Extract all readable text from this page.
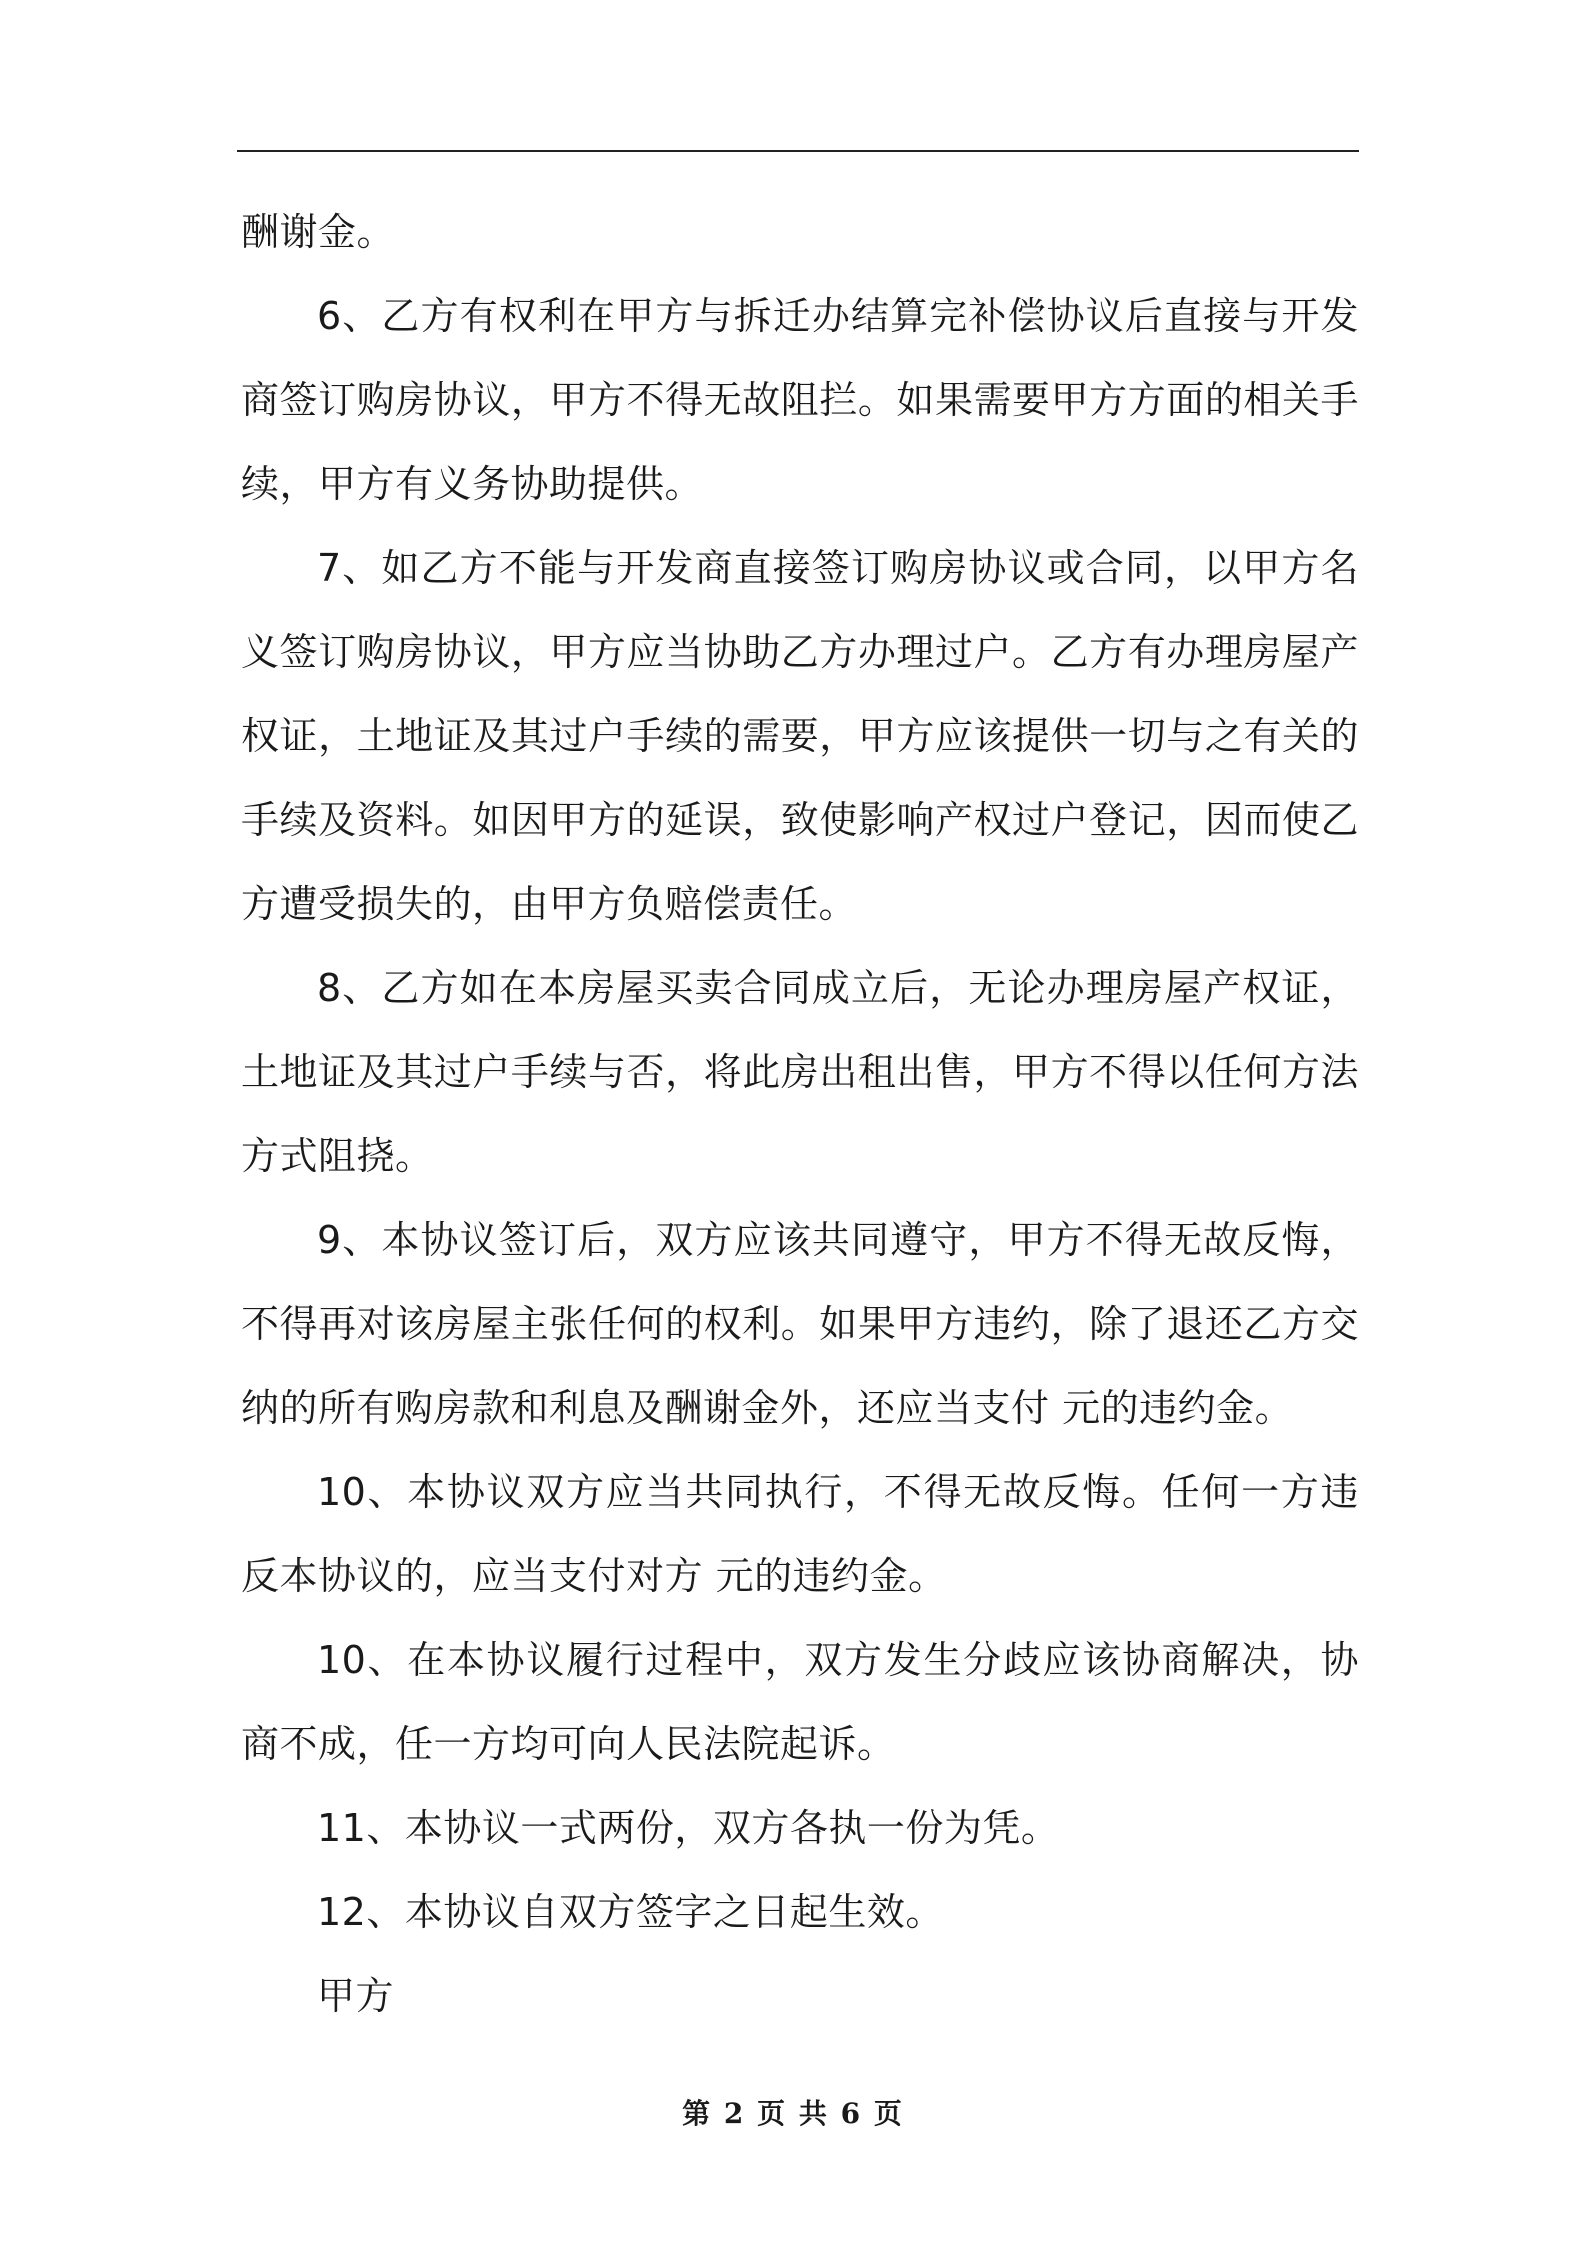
酬谢金。

6、乙方有权利在甲方与拆迁办结算完补偿协议后直接与开发商签订购房协议，甲方不得无故阻拦。如果需要甲方方面的相关手续，甲方有义务协助提供。

7、如乙方不能与开发商直接签订购房协议或合同，以甲方名义签订购房协议，甲方应当协助乙方办理过户。乙方有办理房屋产权证，土地证及其过户手续的需要，甲方应该提供一切与之有关的手续及资料。如因甲方的延误，致使影响产权过户登记，因而使乙方遭受损失的，由甲方负赔偿责任。

8、乙方如在本房屋买卖合同成立后，无论办理房屋产权证，土地证及其过户手续与否，将此房出租出售，甲方不得以任何方法方式阻挠。

9、本协议签订后，双方应该共同遵守，甲方不得无故反悔，不得再对该房屋主张任何的权利。如果甲方违约，除了退还乙方交纳的所有购房款和利息及酬谢金外，还应当支付 元的违约金。

10、本协议双方应当共同执行，不得无故反悔。任何一方违反本协议的，应当支付对方 元的违约金。

10、在本协议履行过程中，双方发生分歧应该协商解决，协商不成，任一方均可向人民法院起诉。

11、本协议一式两份，双方各执一份为凭。

12、本协议自双方签字之日起生效。

甲方

第 2 页 共 6 页
